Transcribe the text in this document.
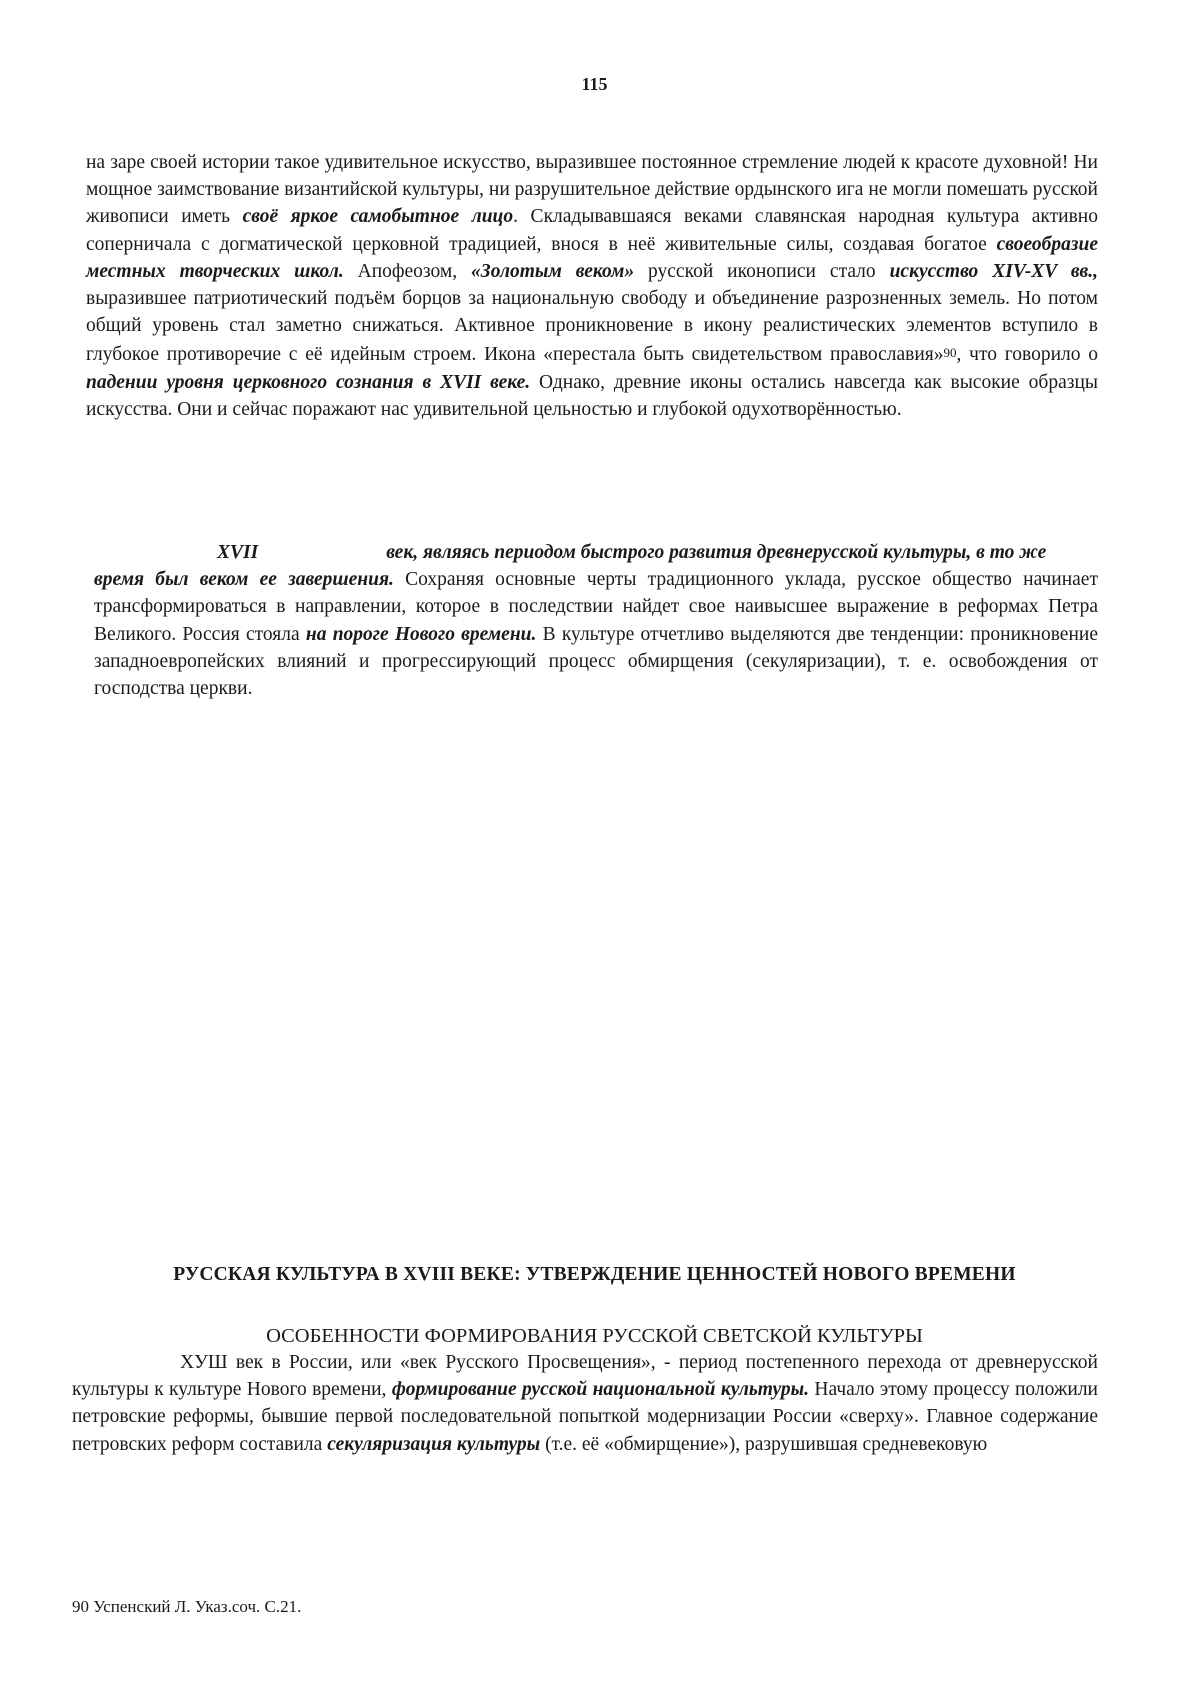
115
на заре своей истории такое удивительное искусство, выразившее постоянное стремление людей к красоте духовной! Ни мощное заимствование византийской культуры, ни разрушительное действие ордынского ига не могли помешать русской живописи иметь своё яркое самобытное лицо. Складывавшаяся веками славянская народная культура активно соперничала с догматической церковной традицией, внося в неё живительные силы, создавая богатое своеобразие местных творческих школ. Апофеозом, «Золотым веком» русской иконописи стало искусство XIV-XV вв., выразившее патриотический подъём борцов за национальную свободу и объединение разрозненных земель. Но потом общий уровень стал заметно снижаться. Активное проникновение в икону реалистических элементов вступило в глубокое противоречие с её идейным строем. Икона «перестала быть свидетельством православия»$^{90}$, что говорило о падении уровня церковного сознания в XVII веке. Однако, древние иконы остались навсегда как высокие образцы искусства. Они и сейчас поражают нас удивительной цельностью и глубокой одухотворённостью.
XVII	век, являясь периодом быстрого развития древнерусской культуры, в то же
время был веком ее завершения. Сохраняя основные черты традиционного уклада, русское общество начинает трансформироваться в направлении, которое в последствии найдет свое наивысшее выражение в реформах Петра Великого. Россия стояла на пороге Нового времени. В культуре отчетливо выделяются две тенденции: проникновение западноевропейских влияний и прогрессирующий процесс обмирщения (секуляризации), т. е. освобождения от господства церкви.
РУССКАЯ КУЛЬТУРА В XVIII ВЕКЕ: УТВЕРЖДЕНИЕ ЦЕННОСТЕЙ НОВОГО ВРЕМЕНИ
ОСОБЕННОСТИ ФОРМИРОВАНИЯ РУССКОЙ СВЕТСКОЙ КУЛЬТУРЫ
ХУШ век в России, или «век Русского Просвещения», - период постепенного перехода от древнерусской культуры к культуре Нового времени, формирование русской национальной культуры. Начало этому процессу положили петровские реформы, бывшие первой последовательной попыткой модернизации России «сверху». Главное содержание петровских реформ составила секуляризация культуры (т.е. её «обмирщение»), разрушившая средневековую
90 Успенский Л. Указ.соч. С.21.
